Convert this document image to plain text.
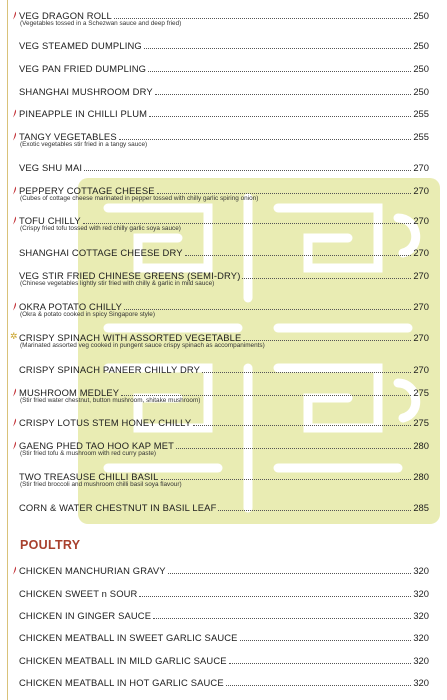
VEG DRAGON ROLL	250
(Vegetables tossed in a Schezwan sauce and deep fried)
VEG STEAMED DUMPLING	250
VEG PAN FRIED DUMPLING	250
SHANGHAI MUSHROOM DRY	250
PINEAPPLE IN CHILLI PLUM	255
TANGY VEGETABLES	255
(Exotic vegetables stir fried in a tangy sauce)
VEG SHU MAI	270
PEPPERY COTTAGE CHEESE	270
(Cubes of cottage cheese marinated in pepper tossed with chilly garlic spiring onion)
TOFU CHILLY	270
(Crispy fried tofu tossed with red chilly garlic soya sauce)
SHANGHAI COTTAGE CHEESE DRY	270
VEG STIR FRIED CHINESE GREENS (SEMI-DRY)	270
(Chinese vegetables lightly stir fried with chilly & garlic in mild sauce)
OKRA POTATO CHILLY	270
(Okra & potato cooked in spicy Singapore style)
✲ CRISPY SPINACH WITH ASSORTED VEGETABLE	270
(Marinated assorted veg cooked in pungent sauce crispy spinach as accompaniments)
CRISPY SPINACH PANEER CHILLY DRY	270
MUSHROOM MEDLEY	275
(Stir fried water chestnut, button mushroom, shitake mushroom)
CRISPY LOTUS STEM HONEY CHILLY	275
GAENG PHED TAO HOO KAP MET	280
(Stir fried tofu & mushroom with red curry paste)
TWO TREASUSE CHILLI BASIL	280
(Stir fried broccoli and mushroom chilli basil soya flavour)
CORN & WATER CHESTNUT IN BASIL LEAF	285
CHICKEN MANCHURIAN GRAVY	320
CHICKEN SWEET n SOUR	320
CHICKEN IN GINGER SAUCE	320
CHICKEN MEATBALL IN SWEET GARLIC SAUCE	320
CHICKEN MEATBALL IN MILD GARLIC SAUCE	320
CHICKEN MEATBALL IN HOT GARLIC SAUCE	320
POULTRY
